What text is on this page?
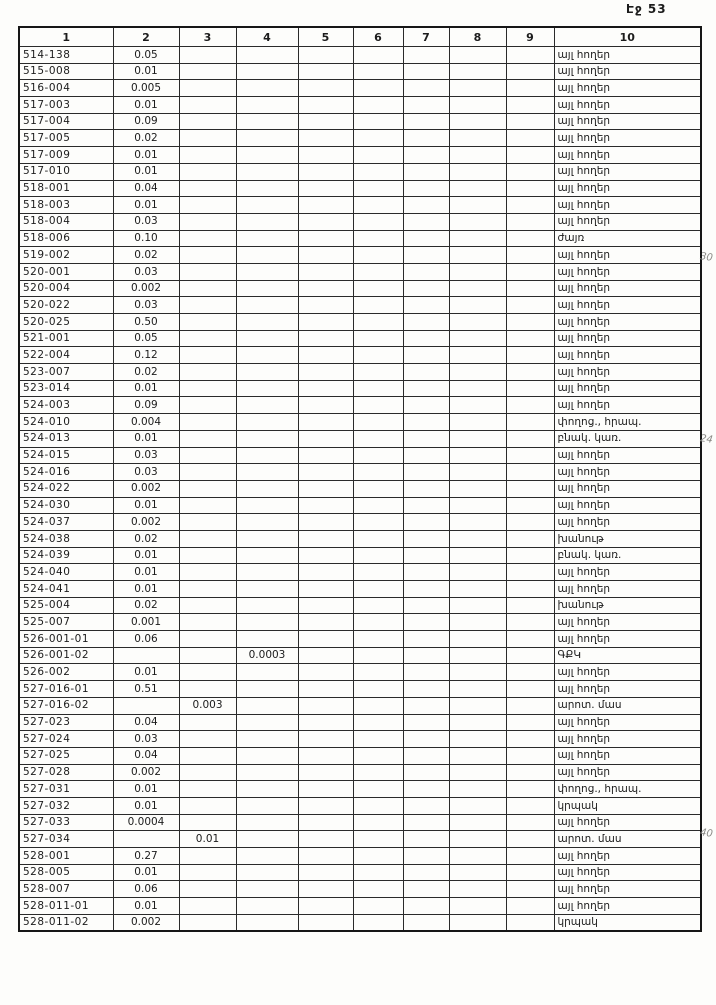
Էջ 53
1	2	3	4	5	6	7	8	9	10
514-138	0.05								այլ հողեր
515-008	0.01								այլ հողեր
516-004	0.005								այլ հողեր
517-003	0.01								այլ հողեր
517-004	0.09								այլ հողեր
517-005	0.02								այլ հողեր
517-009	0.01								այլ հողեր
517-010	0.01								այլ հողեր
518-001	0.04								այլ հողեր
518-003	0.01								այլ հողեր
518-004	0.03								այլ հողեր
518-006	0.10								ժայռ
519-002	0.02								այլ հողեր
520-001	0.03								այլ հողեր
520-004	0.002								այլ հողեր
520-022	0.03								այլ հողեր
520-025	0.50								այլ հողեր
521-001	0.05								այլ հողեր
522-004	0.12								այլ հողեր
523-007	0.02								այլ հողեր
523-014	0.01								այլ հողեր
524-003	0.09								այլ հողեր
524-010	0.004								փողոց., հրապ.
524-013	0.01								բնակ. կառ.
524-015	0.03								այլ հողեր
524-016	0.03								այլ հողեր
524-022	0.002								այլ հողեր
524-030	0.01								այլ հողեր
524-037	0.002								այլ հողեր
524-038	0.02								խանութ
524-039	0.01								բնակ. կառ.
524-040	0.01								այլ հողեր
524-041	0.01								այլ հողեր
525-004	0.02								խանութ
525-007	0.001								այլ հողեր
526-001-01	0.06								այլ հողեր
526-001-02			0.0003						ԳՔԿ
526-002	0.01								այլ հողեր
527-016-01	0.51								այլ հողեր
527-016-02		0.003							արոտ. մաս
527-023	0.04								այլ հողեր
527-024	0.03								այլ հողեր
527-025	0.04								այլ հողեր
527-028	0.002								այլ հողեր
527-031	0.01								փողոց., հրապ.
527-032	0.01								կրպակ
527-033	0.0004								այլ հողեր
527-034		0.01							արոտ. մաս
528-001	0.27								այլ հողեր
528-005	0.01								այլ հողեր
528-007	0.06								այլ հողեր
528-011-01	0.01								այլ հողեր
528-011-02	0.002								կրպակ
30
24
40
